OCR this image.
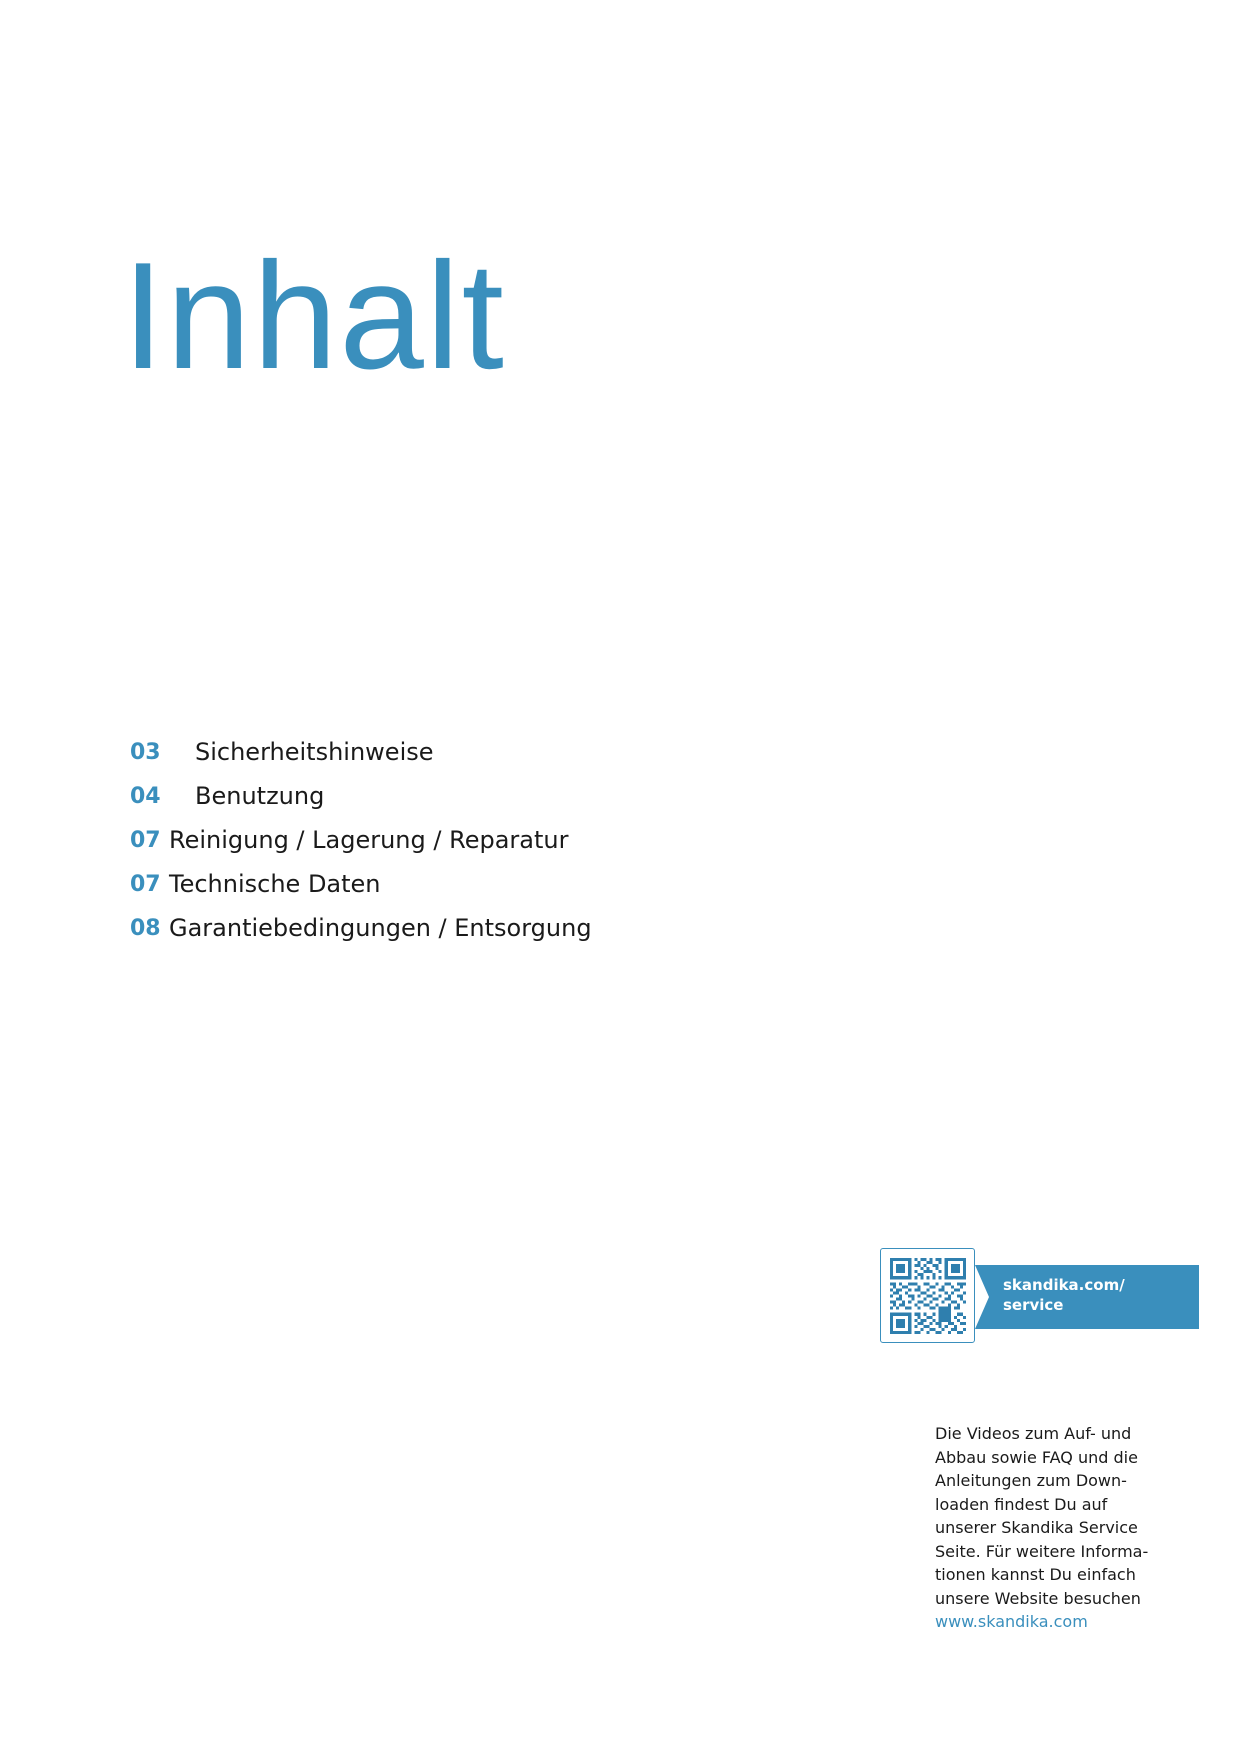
Inhalt
03	Sicherheitshinweise
04	Benutzung
07 Reinigung / Lagerung / Reparatur
07 Technische Daten
08 Garantiebedingungen / Entsorgung
skandika.com/
service
Die Videos zum Auf- und
Abbau sowie FAQ und die
Anleitungen zum Down-
loaden findest Du auf
unserer Skandika Service
Seite. Für weitere Informa-
tionen kannst Du einfach
unsere Website besuchen
www.skandika.com
